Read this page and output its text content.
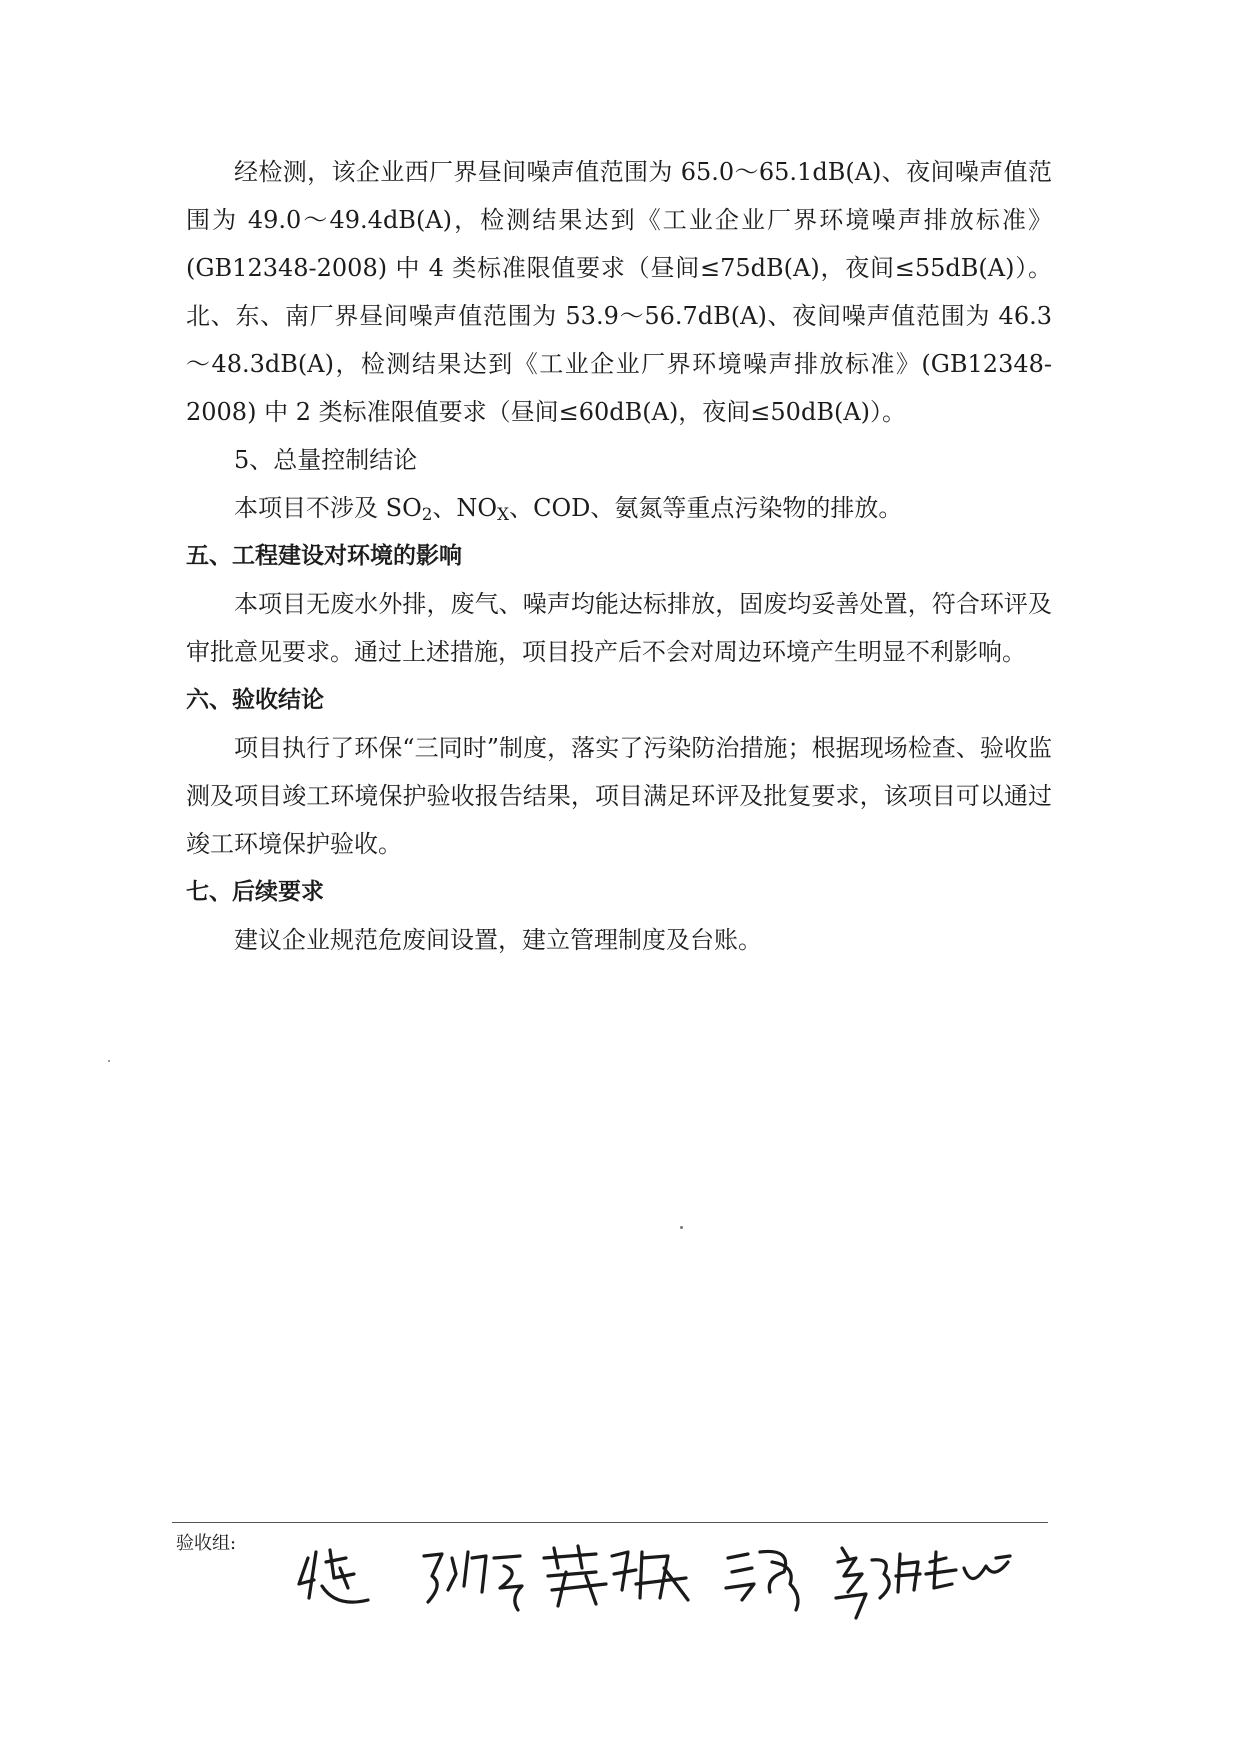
经检测，该企业西厂界昼间噪声值范围为 65.0～65.1dB(A)、夜间噪声值范围为 49.0～49.4dB(A)，检测结果达到《工业企业厂界环境噪声排放标准》(GB12348-2008) 中 4 类标准限值要求（昼间≤75dB(A)，夜间≤55dB(A)）。北、东、南厂界昼间噪声值范围为 53.9～56.7dB(A)、夜间噪声值范围为 46.3～48.3dB(A)，检测结果达到《工业企业厂界环境噪声排放标准》(GB12348-2008) 中 2 类标准限值要求（昼间≤60dB(A)，夜间≤50dB(A)）。

5、总量控制结论

本项目不涉及 $SO_2$、$NO_X$、COD、氨氮等重点污染物的排放。

五、工程建设对环境的影响

本项目无废水外排，废气、噪声均能达标排放，固废均妥善处置，符合环评及审批意见要求。通过上述措施，项目投产后不会对周边环境产生明显不利影响。

六、验收结论

项目执行了环保“三同时”制度，落实了污染防治措施；根据现场检查、验收监测及项目竣工环境保护验收报告结果，项目满足环评及批复要求，该项目可以通过竣工环境保护验收。

七、后续要求

建议企业规范危废间设置，建立管理制度及台账。

验收组:
